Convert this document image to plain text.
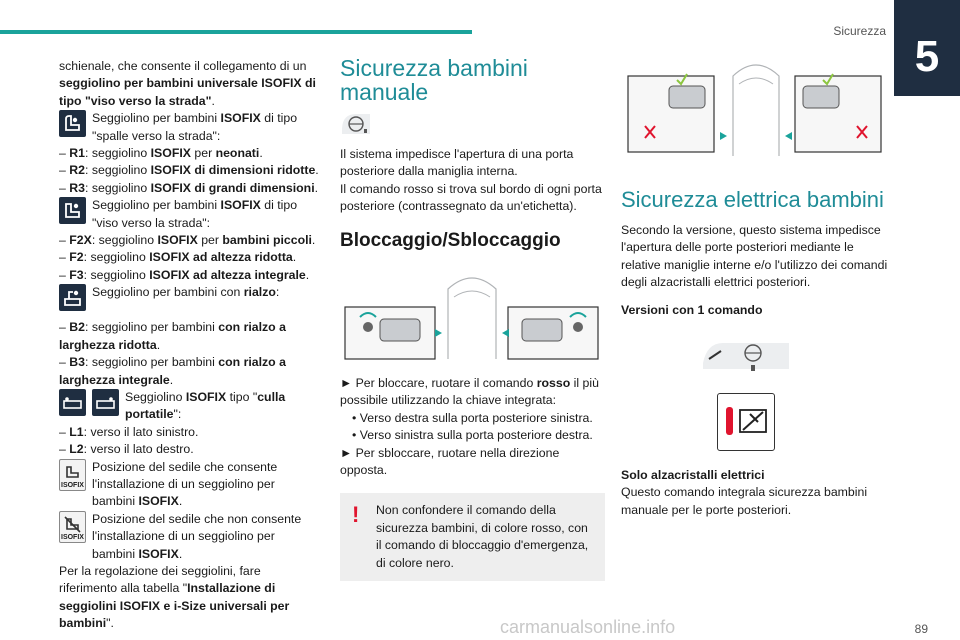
Sicurezza
5

schienale, che consente il collegamento di un seggiolino per bambini universale ISOFIX di tipo "viso verso la strada".

Seggiolino per bambini ISOFIX di tipo "spalle verso la strada":

– R1: seggiolino ISOFIX per neonati.

– R2: seggiolino ISOFIX di dimensioni ridotte.

– R3: seggiolino ISOFIX di grandi dimensioni.

Seggiolino per bambini ISOFIX di tipo "viso verso la strada":

– F2X: seggiolino ISOFIX per bambini piccoli.

– F2: seggiolino ISOFIX ad altezza ridotta.

– F3: seggiolino ISOFIX ad altezza integrale.

Seggiolino per bambini con rialzo:

– B2: seggiolino per bambini con rialzo a larghezza ridotta.

– B3: seggiolino per bambini con rialzo a larghezza integrale.

Seggiolino ISOFIX tipo "culla portatile":

– L1: verso il lato sinistro.

– L2: verso il lato destro.

ISOFIX

Posizione del sedile che consente l'installazione di un seggiolino per bambini ISOFIX.

ISOFIX

Posizione del sedile che non consente l'installazione di un seggiolino per bambini ISOFIX.

Per la regolazione dei seggiolini, fare riferimento alla tabella "Installazione di seggiolini ISOFIX e i-Size universali per bambini".

Sicurezza bambini manuale

Il sistema impedisce l'apertura di una porta posteriore dalla maniglia interna.

Il comando rosso si trova sul bordo di ogni porta posteriore (contrassegnato da un'etichetta).

Bloccaggio/Sbloccaggio

► Per bloccare, ruotare il comando rosso il più possibile utilizzando la chiave integrata:

• Verso destra sulla porta posteriore sinistra.

• Verso sinistra sulla porta posteriore destra.

► Per sbloccare, ruotare nella direzione opposta.

! Non confondere il comando della sicurezza bambini, di colore rosso, con il comando di bloccaggio d'emergenza, di colore nero.

Sicurezza elettrica bambini

Secondo la versione, questo sistema impedisce l'apertura delle porte posteriori mediante le relative maniglie interne e/o l'utilizzo dei comandi degli alzacristalli elettrici posteriori.

Versioni con 1 comando

Solo alzacristalli elettrici

Questo comando integrala sicurezza bambini manuale per le porte posteriori.

carmanualsonline.info	89
